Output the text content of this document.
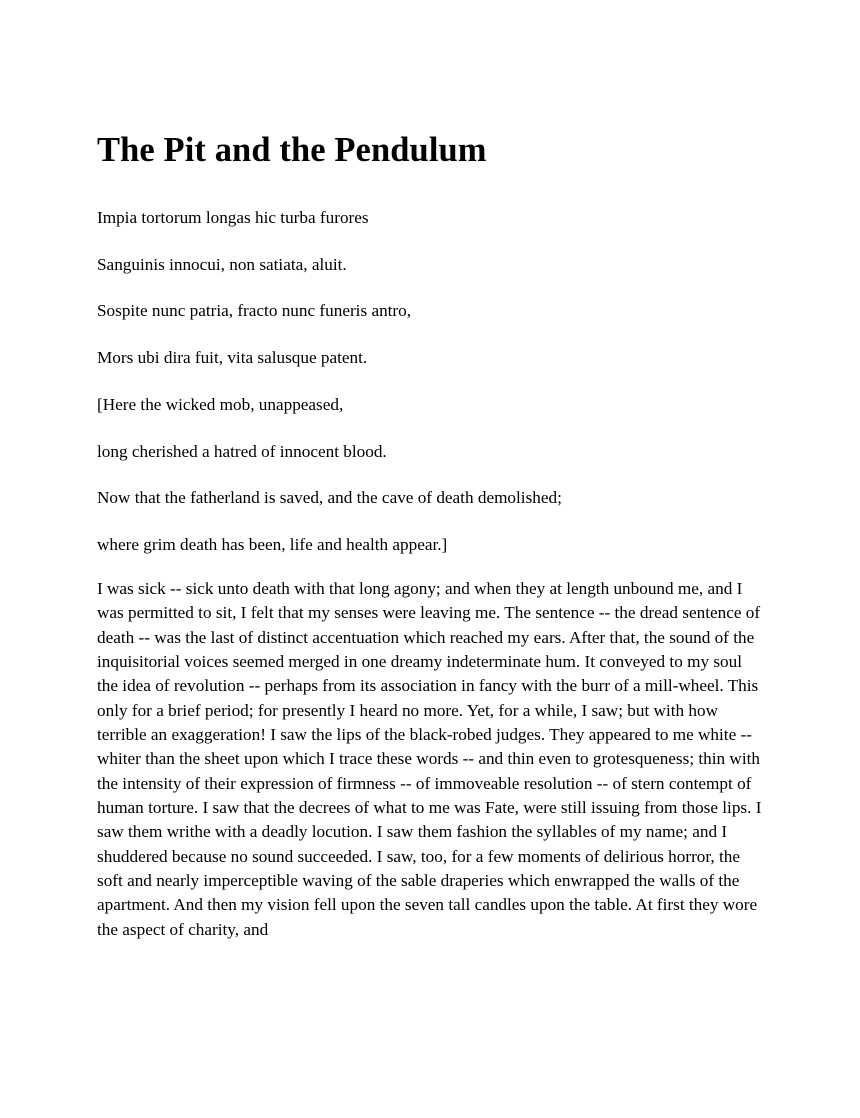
The Pit and the Pendulum

Impia tortorum longas hic turba furores

Sanguinis innocui, non satiata, aluit.

Sospite nunc patria, fracto nunc funeris antro,

Mors ubi dira fuit, vita salusque patent.

[Here the wicked mob, unappeased,

long cherished a hatred of innocent blood.

Now that the fatherland is saved, and the cave of death demolished;

where grim death has been, life and health appear.]

I was sick -- sick unto death with that long agony; and when they at length unbound me, and I was permitted to sit, I felt that my senses were leaving me. The sentence -- the dread sentence of death -- was the last of distinct accentuation which reached my ears. After that, the sound of the inquisitorial voices seemed merged in one dreamy indeterminate hum. It conveyed to my soul the idea of revolution -- perhaps from its association in fancy with the burr of a mill-wheel. This only for a brief period; for presently I heard no more. Yet, for a while, I saw; but with how terrible an exaggeration! I saw the lips of the black-robed judges. They appeared to me white -- whiter than the sheet upon which I trace these words -- and thin even to grotesqueness; thin with the intensity of their expression of firmness -- of immoveable resolution -- of stern contempt of human torture. I saw that the decrees of what to me was Fate, were still issuing from those lips. I saw them writhe with a deadly locution. I saw them fashion the syllables of my name; and I shuddered because no sound succeeded. I saw, too, for a few moments of delirious horror, the soft and nearly imperceptible waving of the sable draperies which enwrapped the walls of the apartment. And then my vision fell upon the seven tall candles upon the table. At first they wore the aspect of charity, and
